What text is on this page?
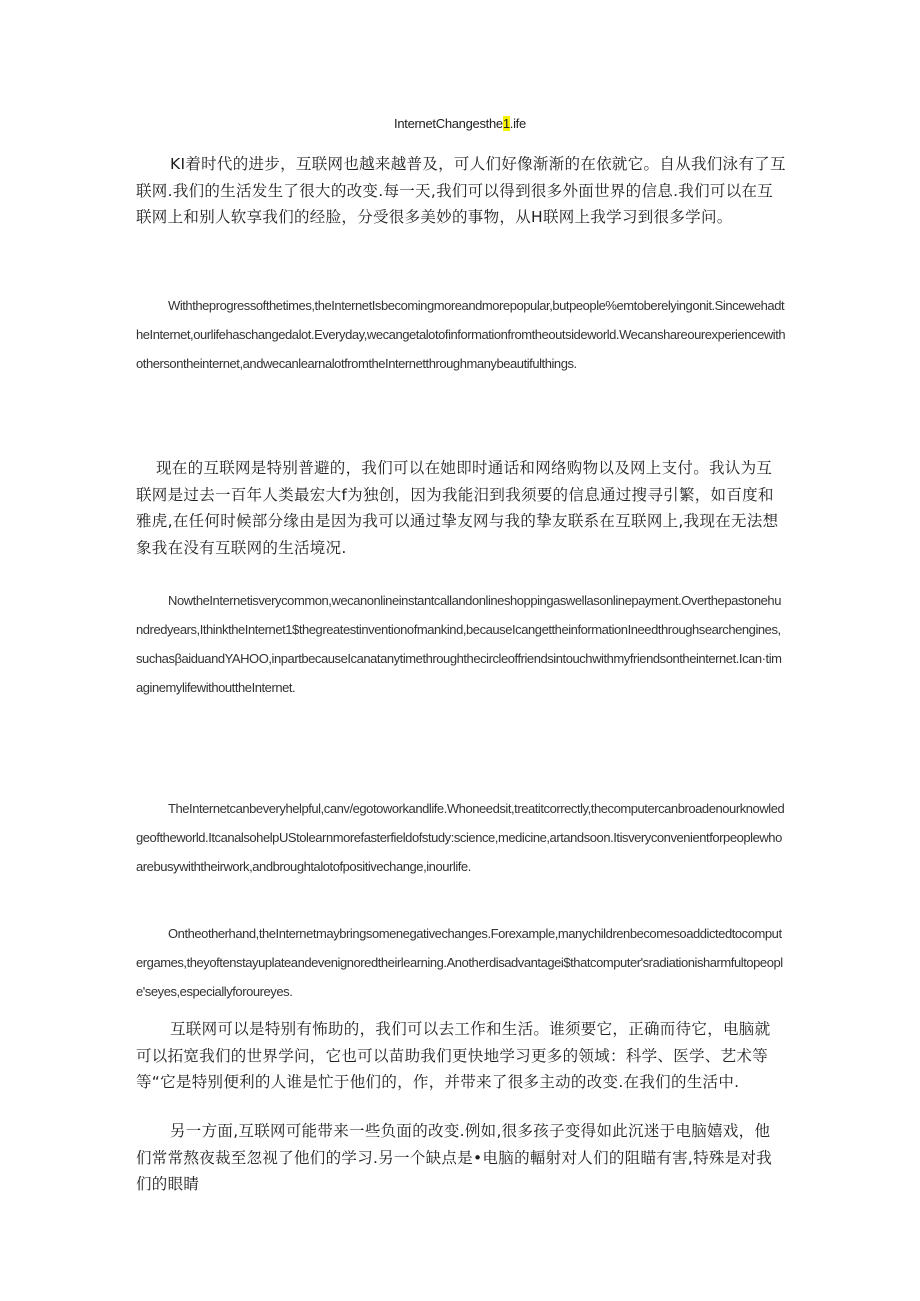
InternetChangesthe1.ife

KI着时代的进步，互联网也越来越普及，可人们好像渐渐的在依就它。自从我们泳有了互联网.我们的生活发生了很大的改变.每一天,我们可以得到很多外面世界的信息.我们可以在互联网上和别人软享我们的经脸，分受很多美妙的事物，从H联网上我学习到很多学问。

Withtheprogressofthetimes,theInternetIsbecomingmoreandmorepopular,butpeople%emtoberelyingonit.SincewehadtheInternet,ourlifehaschangedalot.Everyday,wecangetalotofinformationfromtheoutsideworld.Wecanshareourexperiencewithothersontheinternet,andwecanlearnalotfromtheInternetthroughmanybeautifulthings.

现在的互联网是特别普避的，我们可以在她即时通话和网络购物以及网上支付。我认为互联网是过去一百年人类最宏大f为独创，因为我能汨到我须要的信息通过搜寻引繁，如百度和雅虎,在任何时候部分缘由是因为我可以通过挚友网与我的挚友联系在互联网上,我现在无法想象我在没有互联网的生活境况.

NowtheInternetisverycommon,wecanonlineinstantcallandonlineshoppingaswellasonlinepayment.Overthepastonehundredyears,IthinktheInternet1$thegreatestinventionofmankind,becauseIcangettheinformationIneedthroughsearchengines,suchasβaiduandYAHOO,inpartbecauseIcanatanytimethroughthecircleoffriendsintouchwithmyfriendsontheinternet.Ican·timaginemylifewithouttheInternet.

TheInternetcanbeveryhelpful,canv/egotoworkandlife.Whoneedsit,treatitcorrectly,thecomputercanbroadenourknowledgeoftheworld.ItcanalsohelpUStolearnmorefasterfieldofstudy:science,medicine,artandsoon.Itisveryconvenientforpeoplewhoarebusywiththeirwork,andbroughtalotofpositivechange,inourlife.

Ontheotherhand,theInternetmaybringsomenegativechanges.Forexample,manychildrenbecomesoaddictedtocomputergames,theyoftenstayuplateandevenignoredtheirlearning.Anotherdisadvantagei$thatcomputer'sradiationisharmfultopeople'seyes,especiallyforoureyes.

互联网可以是特别有怖助的，我们可以去工作和生活。谁须要它，正确而待它，电脑就可以拓宽我们的世界学问，它也可以苗助我们更快地学习更多的领域：科学、医学、艺术等等“它是特别便利的人谁是忙于他们的，作，并带来了很多主动的改变.在我们的生活中.

另一方面,互联网可能带来一些负面的改变.例如,很多孩子变得如此沉迷于电脑嬉戏，他们常常熬夜裁至忽视了他们的学习.另一个缺点是•电脑的輻射对人们的阻瞄有害,特殊是对我们的眼睛
